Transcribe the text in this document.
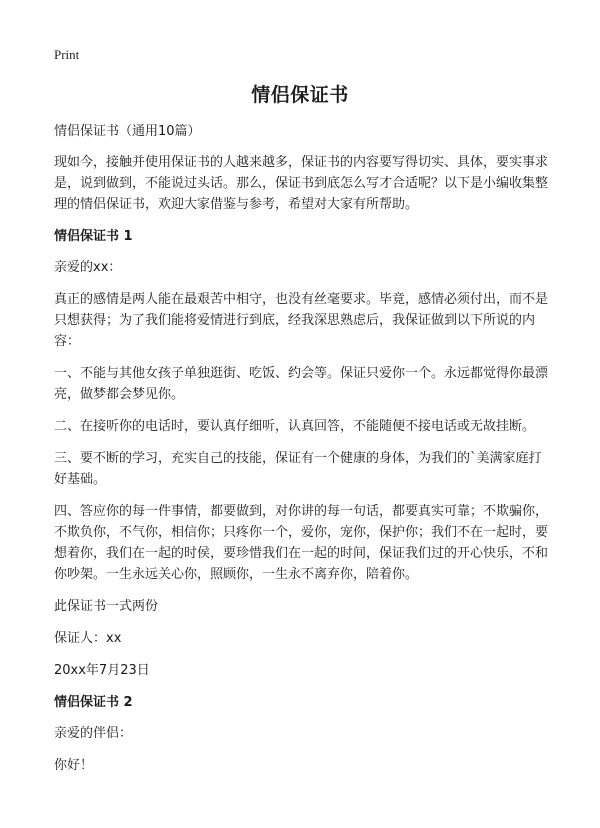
Print
情侣保证书

情侣保证书（通用10篇）

现如今，接触并使用保证书的人越来越多，保证书的内容要写得切实、具体，要实事求是，说到做到，不能说过头话。那么，保证书到底怎么写才合适呢？以下是小编收集整理的情侣保证书，欢迎大家借鉴与参考，希望对大家有所帮助。

情侣保证书 1

亲爱的xx：

真正的感情是两人能在最艰苦中相守，也没有丝毫要求。毕竟，感情必须付出，而不是只想获得；为了我们能将爱情进行到底，经我深思熟虑后，我保证做到以下所说的内容：

一、不能与其他女孩子单独逛街、吃饭、约会等。保证只爱你一个。永远都觉得你最漂亮，做梦都会梦见你。

二、在接听你的电话时，要认真仔细听，认真回答，不能随便不接电话或无故挂断。

三、要不断的学习，充实自己的技能，保证有一个健康的身体，为我们的`美满家庭打好基础。

四、答应你的每一件事情，都要做到，对你讲的每一句话，都要真实可靠；不欺骗你，不欺负你，不气你，相信你；只疼你一个，爱你，宠你，保护你；我们不在一起时，要想着你，我们在一起的时侯，要珍惜我们在一起的时间，保证我们过的开心快乐，不和你吵架。一生永远关心你，照顾你，一生永不离弃你，陪着你。

此保证书一式两份

保证人：xx

20xx年7月23日

情侣保证书 2

亲爱的伴侣：

你好！
